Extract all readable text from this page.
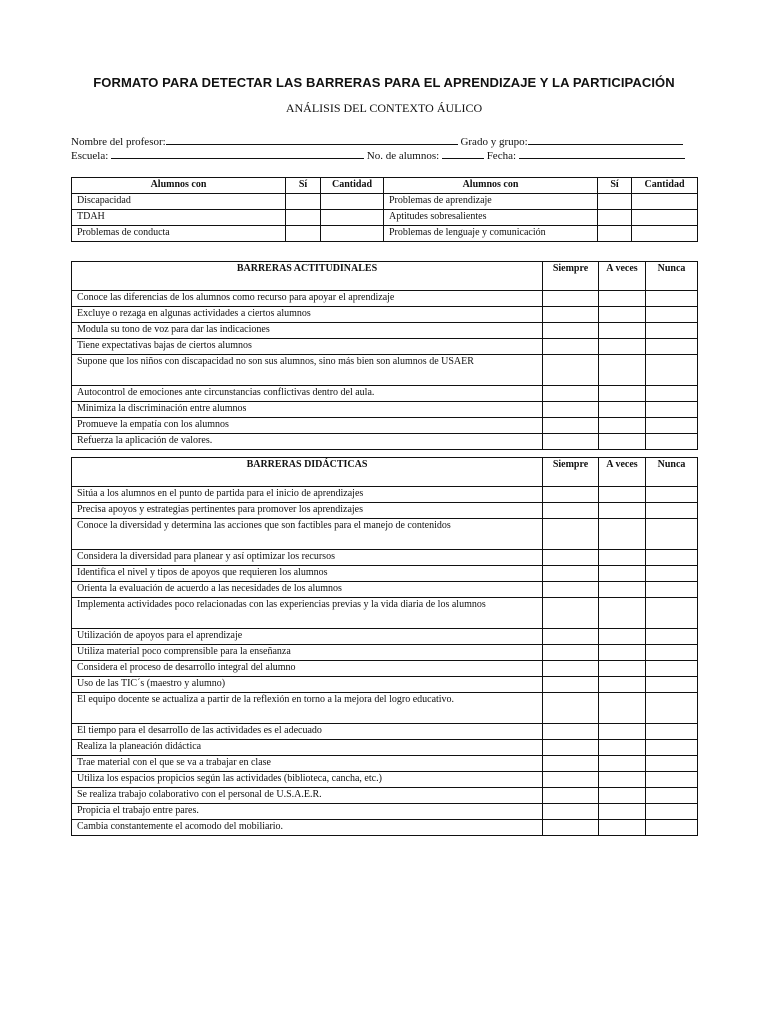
FORMATO PARA DETECTAR LAS BARRERAS PARA EL APRENDIZAJE Y LA PARTICIPACIÓN
ANÁLISIS DEL CONTEXTO ÁULICO
Nombre del profesor:	Grado y grupo:
Escuela:	No. de alumnos:	Fecha:
Alumnos con	Sí	Cantidad	Alumnos con	Sí	Cantidad
Discapacidad			Problemas de aprendizaje		
TDAH			Aptitudes sobresalientes		
Problemas de conducta			Problemas de lenguaje y comunicación		
BARRERAS ACTITUDINALES	Siempre	A veces	Nunca
Conoce las diferencias de los alumnos como recurso para apoyar el aprendizaje			
Excluye o rezaga en algunas actividades a ciertos alumnos			
Modula su tono de voz para dar las indicaciones			
Tiene expectativas bajas de ciertos alumnos			
Supone que los niños con discapacidad no son sus alumnos, sino más bien son alumnos de USAER			
Autocontrol de emociones ante circunstancias conflictivas dentro del aula.			
Minimiza la discriminación entre alumnos			
Promueve la empatía con los alumnos			
Refuerza la aplicación de valores.			
BARRERAS DIDÁCTICAS	Siempre	A veces	Nunca
Sitúa a los alumnos en el punto de partida para el inicio de aprendizajes			
Precisa apoyos y estrategias pertinentes para promover los aprendizajes			
Conoce la diversidad y determina las acciones que son factibles para el manejo de contenidos			
Considera la diversidad para planear y así optimizar los recursos			
Identifica el nivel y tipos de apoyos que requieren los alumnos			
Orienta la evaluación de acuerdo a las necesidades de los alumnos			
Implementa actividades poco relacionadas con las experiencias previas y la vida diaria de los alumnos			
Utilización de apoyos para el aprendizaje			
Utiliza material poco comprensible para la enseñanza			
Considera el proceso de desarrollo integral del alumno			
Uso de las TIC´s (maestro y alumno)			
El equipo docente se actualiza a partir de la reflexión en torno a la mejora del logro educativo.			
El tiempo para el desarrollo de las actividades es el adecuado			
Realiza la planeación didáctica			
Trae material con el que se va a trabajar en clase			
Utiliza los espacios propicios según las actividades (biblioteca, cancha, etc.)			
Se realiza trabajo colaborativo con el personal de U.S.A.E.R.			
Propicia el trabajo entre pares.			
Cambia constantemente el acomodo del mobiliario.			
